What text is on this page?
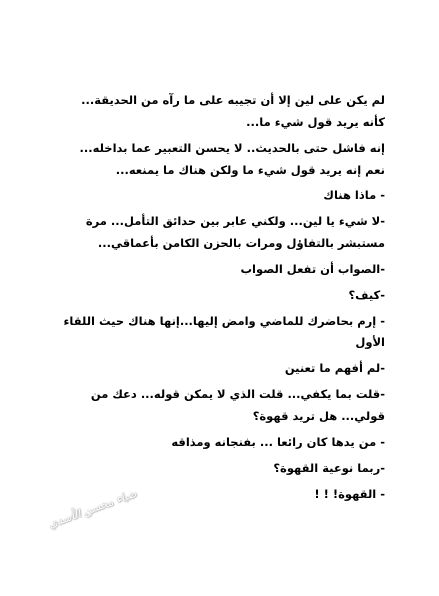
لم يكن على لين إلا أن تجيبه على ما رآه من الحديقة... كأنه يريد قول شيء ما...

إنه فاشل حتى بالحديث.. لا يحسن التعبير عما بداخله... نعم إنه يريد قول شيء ما ولكن هناك ما يمنعه...

- ماذا هناك

-لا شيء يا لين... ولكني عابر بين حدائق التأمل... مرة مستبشر بالتفاؤل ومرات بالحزن الكامن بأعماقي...

-الصواب أن تفعل الصواب

-كيف؟

- إرم بحاضرك للماضي وامض إليها...إنها هناك حيث اللقاء الأول

-لم أفهم ما تعنين

-قلت بما يكفي... قلت الذي لا يمكن قوله... دعك من قولي... هل تريد قهوة؟

- من يدها كان رائعا ... بفنجانه ومذاقه

-ربما نوعية القهوة؟

- القهوة! ! !

ضياء محسن الأسدي
